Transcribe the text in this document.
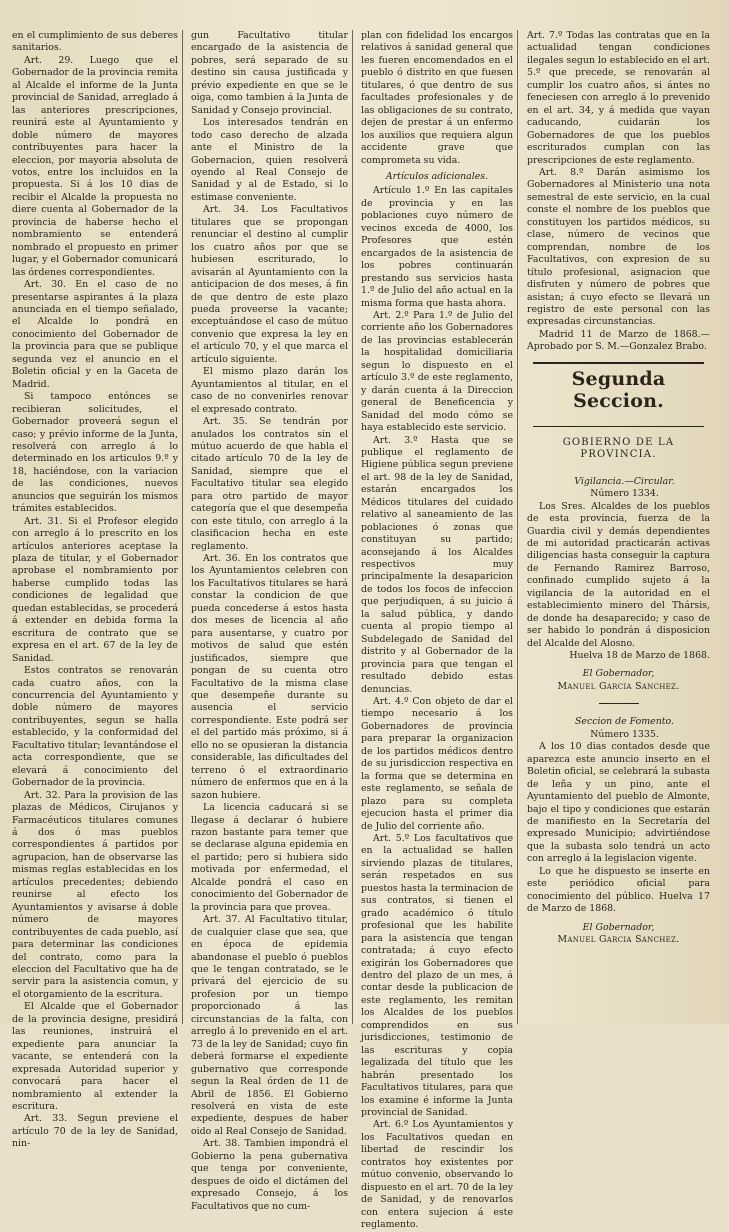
en el cumplimiento de sus deberes sanitarios.

Art. 29. Luego que el Gobernador de la provincia remita al Alcalde el informe de la Junta provincial de Sanidad, arreglado á las anteriores prescripciones, reunirá este al Ayuntamiento y doble número de mayores contribuyentes para hacer la eleccion, por mayoria absoluta de votos, entre los incluidos en la propuesta. Si á los 10 dias de recibir el Alcalde la propuesta no diere cuenta al Gobernador de la provincia de haberse hecho el nombramiento se entenderá nombrado el propuesto en primer lugar, y el Gobernador comunicará las órdenes correspondientes.

Art. 30. En el caso de no presentarse aspirantes á la plaza anunciada en el tiempo señalado, el Alcalde lo pondrá en conocimiento del Gobernador de la provincia para que se publique segunda vez el anuncio en el Boletin oficial y en la Gaceta de Madrid.

Si tampoco entónces se recibieran solicitudes, el Gobernador proveerá segun el caso; y prévio informe de la Junta, resolverá con arreglo á lo determinado en los articulos 9.º y 18, haciéndose, con la variacion de las condiciones, nuevos anuncios que seguirán los mismos trámites establecidos.

Art. 31. Si el Profesor elegido con arreglo á lo prescrito en los artículos anteriores aceptase la plaza de titular, y el Gobernador aprobase el nombramiento por haberse cumplido todas las condiciones de legalidad que quedan establecidas, se procederá á extender en debida forma la escritura de contrato que se expresa en el art. 67 de la ley de Sanidad.

Estos contratos se renovarán cada cuatro años, con la concurrencia del Ayuntamiento y doble número de mayores contribuyentes, segun se halla establecido, y la conformidad del Facultativo titular; levantándose el acta correspondiente, que se elevará á conocimiento del Gobernador de la provincia.

Art. 32. Para la provision de las plazas de Médicos, Cirujanos y Farmacéuticos titulares comunes á dos ó mas pueblos correspondientes á partidos por agrupacion, han de observarse las mismas reglas establecidas en los artículos precedentes; debiendo reunirse al efecto los Ayuntamientos y avisarse á doble número de mayores contribuyentes de cada pueblo, así para determinar las condiciones del contrato, como para la eleccion del Facultativo que ha de servir para la asistencia comun, y el otorgamiento de la escritura.

El Alcalde que el Gobernador de la provincia designe, presidirá las reuniones, instruirá el expediente para anunciar la vacante, se entenderá con la expresada Autoridad superior y convocará para hacer el nombramiento al extender la escritura.

Art. 33. Segun previene el artículo 70 de la ley de Sanidad, nin-

gun Facultativo titular encargado de la asistencia de pobres, será separado de su destino sin causa justificada y prévio expediente en que se le oiga, como tambien á la Junta de Sanidad y Consejo provincial.

Los interesados tendrán en todo caso derecho de alzada ante el Ministro de la Gobernacion, quien resolverá oyendo al Real Consejo de Sanidad y al de Estado, si lo estimase conveniente.

Art. 34. Los Facultativos titulares que se propongan renunciar el destino al cumplir los cuatro años por que se hubiesen escriturado, lo avisarán al Ayuntamiento con la anticipacion de dos meses, á fin de que dentro de este plazo pueda proveerse la vacante; exceptuándose el caso de mútuo convenio que expresa la ley en el artículo 70, y el que marca el artículo siguiente.

El mismo plazo darán los Ayuntamientos al titular, en el caso de no convenirles renovar el expresado contrato.

Art. 35. Se tendrán por anulados los contratos sin el mútuo acuerdo de que habla el citado artículo 70 de la ley de Sanidad, siempre que el Facultativo titular sea elegido para otro partido de mayor categoría que el que desempeña con este titulo, con arreglo á la clasificacion hecha en este reglamento.

Art. 36. En los contratos que los Ayuntamientos celebren con los Facultativos titulares se hará constar la condicion de que pueda concederse á estos hasta dos meses de licencia al año para ausentarse, y cuatro por motivos de salud que estén justificados, siempre que pongan de su cuenta otro Facultativo de la misma clase que desempeñe durante su ausencia el servicio correspondiente. Este podrá ser el del partido más próximo, si á ello no se opusieran la distancia considerable, las dificultades del terreno ó el extraordinario número de enfermos que en á la sazon hubiere.

La licencia caducará si se llegase á declarar ó hubiere razon bastante para temer que se declarase alguna epidemia en el partido; pero si hubiera sido motivada por enfermedad, el Alcalde pondrá el caso en conocimiento del Gobernador de la provincia para que provea.

Art. 37. Al Facultativo titular, de cualquier clase que sea, que en época de epidemia abandonase el pueblo ó pueblos que le tengan contratado, se le privará del ejercicio de su profesion por un tiempo proporcionado á las circunstancias de la falta, con arreglo á lo prevenido en el art. 73 de la ley de Sanidad; cuyo fin deberá formarse el expediente gubernativo que corresponde segun la Real órden de 11 de Abril de 1856. El Gobierno resolverá en vista de este expediente, despues de haber oido al Real Consejo de Sanidad.

Art. 38. Tambien impondrá el Gobierno la pena gubernativa que tenga por conveniente, despues de oido el dictámen del expresado Consejo, á los Facultativos que no cum-

plan con fidelidad los encargos relativos á sanidad general que les fueren encomendados en el pueblo ó distrito en que fuesen titulares, ó que dentro de sus facultades profesionales y de las obligaciones de su contrato, dejen de prestar á un enfermo los auxilios que requiera algun accidente grave que comprometa su vida.

Artículos adicionales.

Artículo 1.º En las capitales de provincia y en las poblaciones cuyo número de vecinos exceda de 4000, los Profesores que estén encargados de la asistencia de los pobres continuarán prestando sus servicios hasta 1.º de Julio del año actual en la misma forma que hasta ahora.

Art. 2.º Para 1.º de Julio del corriente año los Gobernadores de las provincias establecerán la hospitalidad domiciliaria segun lo dispuesto en el artículo 3.º de este reglamento, y darán cuenta á la Direccion general de Beneficencia y Sanidad del modo cómo se haya establecido este servicio.

Art. 3.º Hasta que se publique el reglamento de Higiene pública segun previene el art. 98 de la ley de Sanidad, estarán encargados los Médicos titulares del cuidado relativo al saneamiento de las poblaciones ó zonas que constituyan su partido; aconsejando á los Alcaldes respectivos muy principalmente la desaparicion de todos los focos de infeccion que perjudiquen, á su juicio á la salud pública, y dando cuenta al propio tiempo al Subdelegado de Sanidad del distrito y al Gobernador de la provincia para que tengan el resultado debido estas denuncias.

Art. 4.º Con objeto de dar el tiempo necesario á los Gobernadores de provincia para preparar la organizacion de los partidos médicos dentro de su jurisdiccion respectiva en la forma que se determina en este reglamento, se señala de plazo para su completa ejecucion hasta el primer dia de Julio del corriente año.

Art. 5.º Los facultativos que en la actualidad se hallen sirviendo plazas de titulares, serán respetados en sus puestos hasta la terminacion de sus contratos, si tienen el grado académico ó título profesional que les habilite para la asistencia que tengan contratada; á cuyo efecto exigirán los Gobernadores que dentro del plazo de un mes, á contar desde la publicacion de este reglamento, les remitan los Alcaldes de los pueblos comprendidos en sus jurisdicciones, testimonio de las escrituras y copia legalizada del título que les habrán presentado los Facultativos titulares, para que los examine é informe la Junta provincial de Sanidad.

Art. 6.º Los Ayuntamientos y los Facultativos quedan en libertad de rescindir los contratos hoy existentes por mútuo convenio, observando lo dispuesto en el art. 70 de la ley de Sanidad, y de renovarlos con entera sujecion á este reglamento.

Art. 7.º Todas las contratas que en la actualidad tengan condiciones ilegales segun lo establecido en el art. 5.º que precede, se renovarán al cumplir los cuatro años, si ántes no feneciesen con arreglo á lo prevenido en el art. 34, y á medida que vayan caducando, cuidarán los Gobernadores de que los pueblos escriturados cumplan con las prescripciones de este reglamento.

Art. 8.º Darán asimismo los Gobernadores al Ministerio una nota semestral de este servicio, en la cual conste el nombre de los pueblos que constituyen los partidos médicos, su clase, número de vecinos que comprendan, nombre de los Facultativos, con expresion de su título profesional, asignacion que disfruten y número de pobres que asistan; á cuyo efecto se llevará un registro de este personal con las expresadas circunstancias.

Madrid 11 de Marzo de 1868.—Aprobado por S. M.—Gonzalez Brabo.

Segunda Seccion.
GOBIERNO DE LA PROVINCIA.

Vigilancia.—Circular.

Número 1334.

Los Sres. Alcaldes de los pueblos de esta provincia, fuerza de la Guardia civil y demás dependientes de mi autoridad practicarán activas diligencias hasta conseguir la captura de Fernando Ramirez Barroso, confinado cumplido sujeto á la vigilancia de la autoridad en el establecimiento minero del Thársis, de donde ha desaparecido; y caso de ser habido lo pondrán á disposicion del Alcalde del Alosno.

Huelva 18 de Marzo de 1868.

El Gobernador,
Manuel Garcia Sanchez.

Seccion de Fomento.

Número 1335.

A los 10 dias contados desde que aparezca este anuncio inserto en el Boletin oficial, se celebrará la subasta de leña y un pino, ante el Ayuntamiento del pueblo de Almonte, bajo el tipo y condiciones que estarán de manifiesto en la Secretaría del expresado Municipio; advirtiéndose que la subasta solo tendrá un acto con arreglo á la legislacion vigente.

Lo que he dispuesto se inserte en este periódico oficial para conocimiento del público. Huelva 17 de Marzo de 1868.

El Gobernador,
Manuel Garcia Sanchez.
